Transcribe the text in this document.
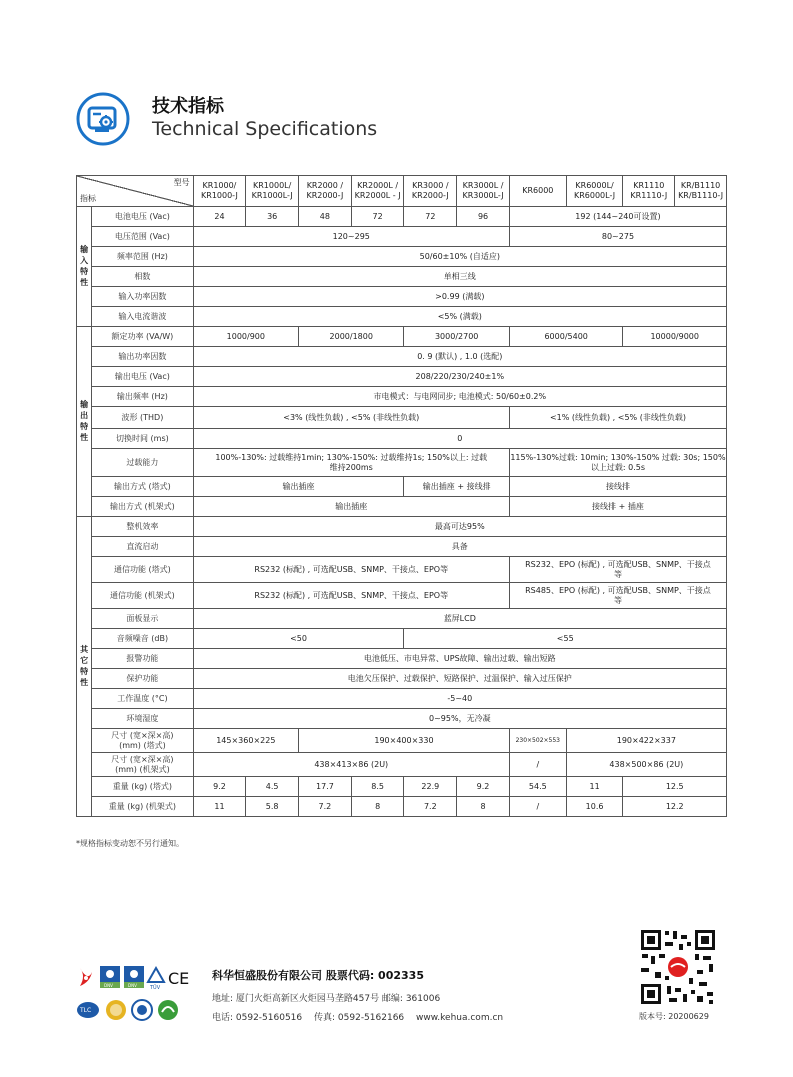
技术指标
Technical Specifications
型号
指标		KR1000/ KR1000-J	KR1000L/ KR1000L-J	KR2000 / KR2000-J	KR2000L / KR2000L - J	KR3000 / KR2000-J	KR3000L / KR3000L-J	KR6000	KR6000L/ KR6000L-J	KR1110 KR1110-J	KR/B1110 KR/B1110-J
输入特性	电池电压 (Vac)	24	36	48	72	72	96	192 (144~240可设置)			
	电压范围 (Vac)	120~295						80~275			
	频率范围 (Hz)	50/60±10% (自适应)									
	相数	单相三线									
	输入功率因数	>0.99 (满载)									
	输入电流谐波	<5% (满载)									
输出特性	额定功率 (VA/W)	1000/900		2000/1800		3000/2700		6000/5400		10000/9000	
	输出功率因数	0. 9 (默认) , 1.0 (选配)									
	输出电压 (Vac)	208/220/230/240±1%									
	输出频率 (Hz)	市电模式：与电网同步; 电池模式: 50/60±0.2%									
	波形 (THD)	<3% (线性负载) , <5% (非线性负载)						<1% (线性负载) , <5% (非线性负载)			
	切换时间 (ms)	0									
	过载能力	100%-130%: 过载维持1min; 130%-150%: 过载维持1s; 150%以上: 过载维持200ms						115%-130%过载: 10min; 130%-150% 过载: 30s; 150%以上过载: 0.5s			
	输出方式 (塔式)	输出插座				输出插座 + 接线排		接线排			
	输出方式 (机架式)	输出插座						接线排 + 插座			
其它特性	整机效率	最高可达95%									
	直流启动	具备									
	通信功能 (塔式)	RS232 (标配) , 可选配USB、SNMP、干接点、EPO等						RS232、EPO (标配) , 可选配USB、SNMP、干接点等			
	通信功能 (机架式)	RS232 (标配) , 可选配USB、SNMP、干接点、EPO等						RS485、EPO (标配) , 可选配USB、SNMP、干接点等			
	面板显示	蓝屏LCD									
	音频噪音 (dB)	<50				<55					
	报警功能	电池低压、市电异常、UPS故障、输出过载、输出短路									
	保护功能	电池欠压保护、过载保护、短路保护、过温保护、输入过压保护									
	工作温度 (°C)	-5~40									
	环境湿度	0~95%，无冷凝									
	尺寸 (宽×深×高) (mm) (塔式)	145×360×225		190×400×330				230×502×553	190×422×337		
	尺寸 (宽×深×高) (mm) (机架式)	438×413×86 (2U)						/	438×500×86 (2U)		
	重量 (kg) (塔式)	9.2	4.5	17.7	8.5	22.9	9.2	54.5	11	12.5	
	重量 (kg) (机架式)	11	5.8	7.2	8	7.2	8	/	10.6	12.2	
*规格指标变动恕不另行通知。
DNV	DNV	TÜV CE
TLC
科华恒盛股份有限公司 股票代码: 002335
地址: 厦门火炬高新区火炬园马垄路457号 邮编: 361006
电话: 0592-5160516 传真: 0592-5162166 www.kehua.com.cn	版本号: 20200629
